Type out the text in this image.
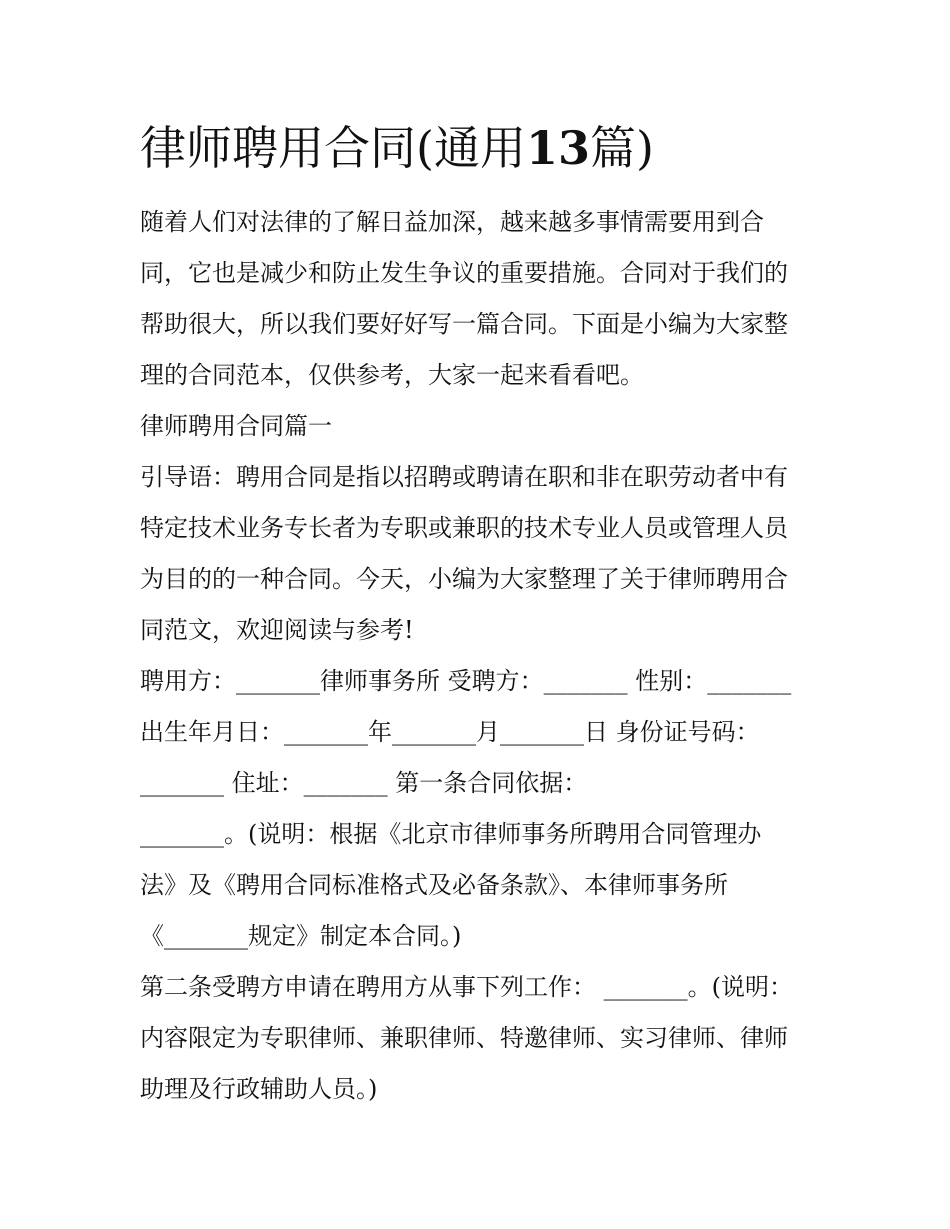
律师聘用合同(通用13篇)

随着人们对法律的了解日益加深，越来越多事情需要用到合

同，它也是减少和防止发生争议的重要措施。合同对于我们的

帮助很大，所以我们要好好写一篇合同。下面是小编为大家整

理的合同范本，仅供参考，大家一起来看看吧。

律师聘用合同篇一

引导语：聘用合同是指以招聘或聘请在职和非在职劳动者中有

特定技术业务专长者为专职或兼职的技术专业人员或管理人员

为目的的一种合同。今天，小编为大家整理了关于律师聘用合

同范文，欢迎阅读与参考!

聘用方：_______律师事务所 受聘方：_______ 性别：_______

出生年月日：_______年_______月_______日 身份证号码：

_______ 住址：_______ 第一条合同依据：

_______。(说明：根据《北京市律师事务所聘用合同管理办

法》及《聘用合同标准格式及必备条款》、本律师事务所

《_______规定》制定本合同。)

第二条受聘方申请在聘用方从事下列工作： _______。(说明：

内容限定为专职律师、兼职律师、特邀律师、实习律师、律师

助理及行政辅助人员。)
